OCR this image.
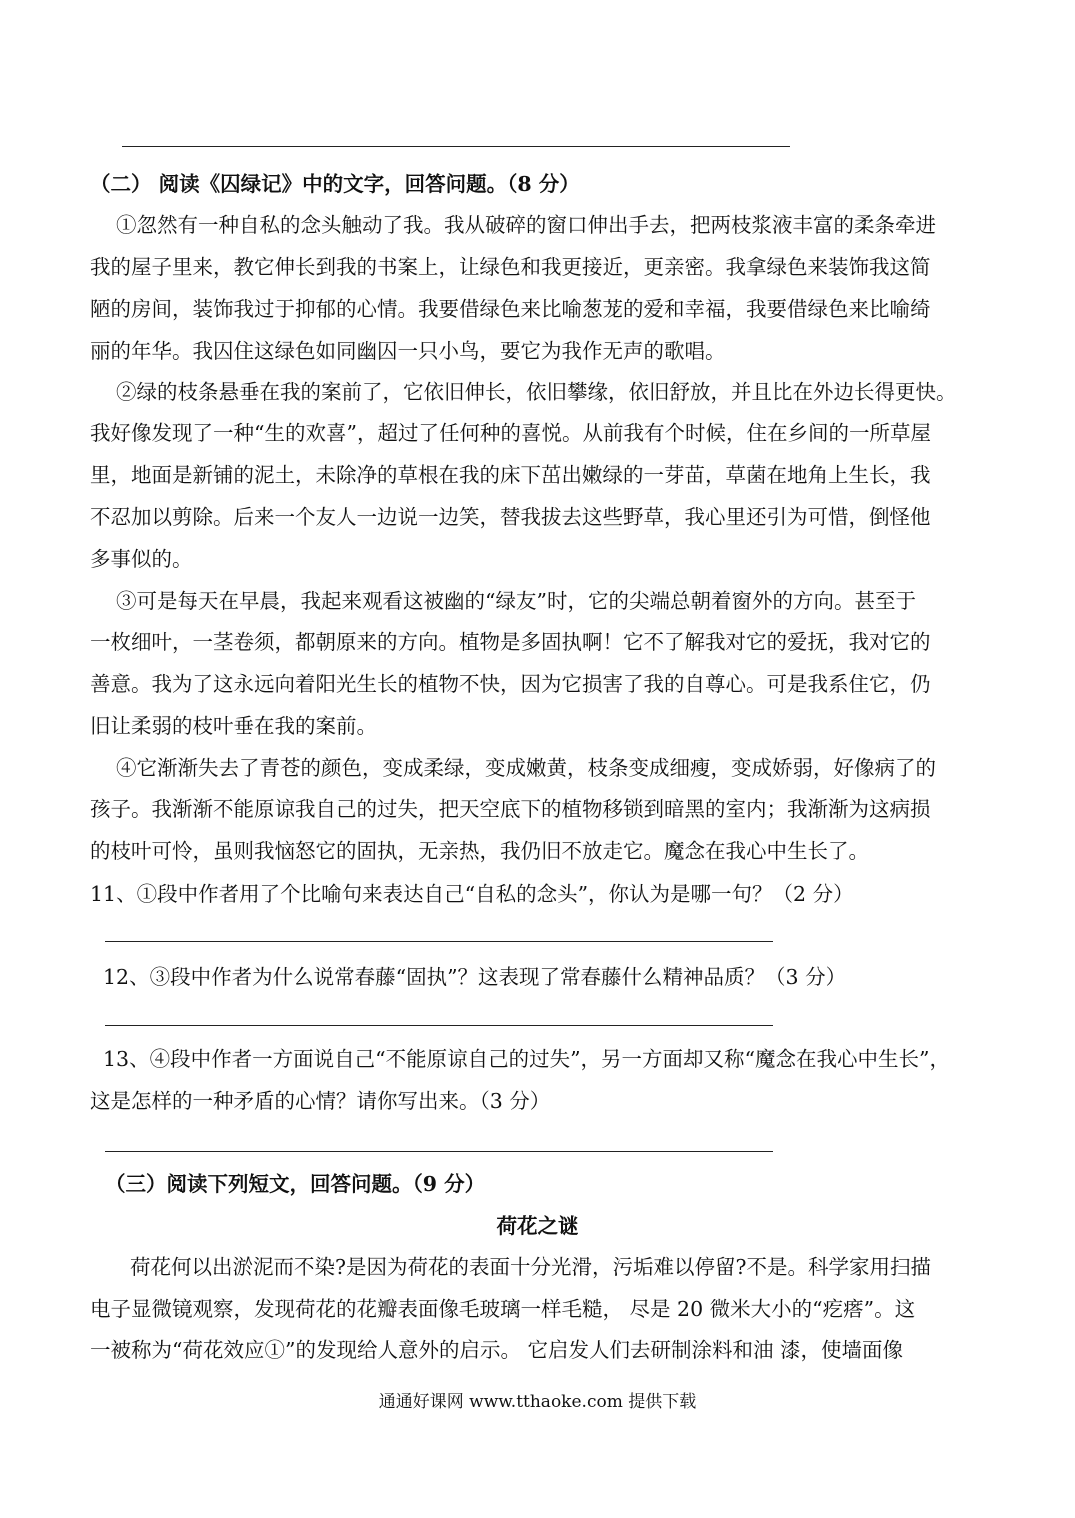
（二） 阅读《囚绿记》中的文字，回答问题。（8 分）
①忽然有一种自私的念头触动了我。我从破碎的窗口伸出手去，把两枝浆液丰富的柔条牵进
我的屋子里来，教它伸长到我的书案上，让绿色和我更接近，更亲密。我拿绿色来装饰我这简
陋的房间，装饰我过于抑郁的心情。我要借绿色来比喻葱茏的爱和幸福，我要借绿色来比喻绮
丽的年华。我囚住这绿色如同幽囚一只小鸟，要它为我作无声的歌唱。
②绿的枝条悬垂在我的案前了，它依旧伸长，依旧攀缘，依旧舒放，并且比在外边长得更快。
我好像发现了一种“生的欢喜”，超过了任何种的喜悦。从前我有个时候，住在乡间的一所草屋
里，地面是新铺的泥土，未除净的草根在我的床下茁出嫩绿的一芽苗，草菌在地角上生长，我
不忍加以剪除。后来一个友人一边说一边笑，替我拔去这些野草，我心里还引为可惜，倒怪他
多事似的。
③可是每天在早晨，我起来观看这被幽的“绿友”时，它的尖端总朝着窗外的方向。甚至于
一枚细叶，一茎卷须，都朝原来的方向。植物是多固执啊！它不了解我对它的爱抚，我对它的
善意。我为了这永远向着阳光生长的植物不快，因为它损害了我的自尊心。可是我系住它，仍
旧让柔弱的枝叶垂在我的案前。
④它渐渐失去了青苍的颜色，变成柔绿，变成嫩黄，枝条变成细瘦，变成娇弱，好像病了的
孩子。我渐渐不能原谅我自己的过失，把天空底下的植物移锁到暗黑的室内；我渐渐为这病损
的枝叶可怜，虽则我恼怒它的固执，无亲热，我仍旧不放走它。魔念在我心中生长了。
11、①段中作者用了个比喻句来表达自己“自私的念头”，你认为是哪一句？（2 分）
12、③段中作者为什么说常春藤“固执”？这表现了常春藤什么精神品质？（3 分）
13、④段中作者一方面说自己“不能原谅自己的过失”，另一方面却又称“魔念在我心中生长”，
这是怎样的一种矛盾的心情？请你写出来。（3 分）
（三）阅读下列短文，回答问题。（9 分）
荷花之谜
荷花何以出淤泥而不染?是因为荷花的表面十分光滑，污垢难以停留?不是。科学家用扫描
电子显微镜观察，发现荷花的花瓣表面像毛玻璃一样毛糙， 尽是 20 微米大小的“疙瘩”。这
一被称为“荷花效应①”的发现给人意外的启示。 它启发人们去研制涂料和油 漆，使墙面像
通通好课网 www.tthaoke.com 提供下载
